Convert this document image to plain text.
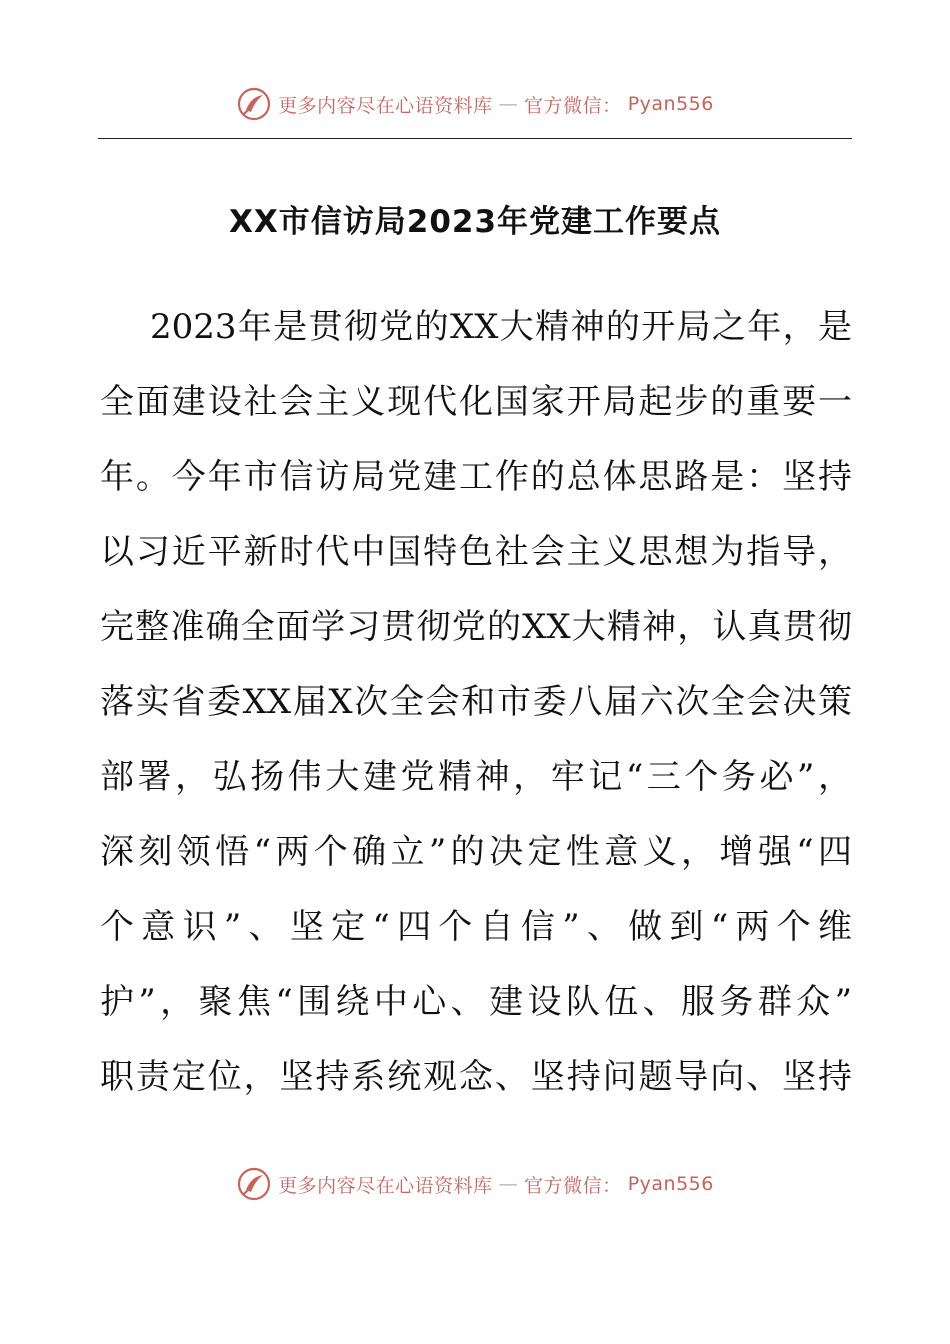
更多内容尽在心语资料库 — 官方微信： Pyan556
XX市信访局2023年党建工作要点
2023年是贯彻党的XX大精神的开局之年，是
全面建设社会主义现代化国家开局起步的重要一
年。今年市信访局党建工作的总体思路是：坚持
以习近平新时代中国特色社会主义思想为指导，
完整准确全面学习贯彻党的XX大精神，认真贯彻
落实省委XX届X次全会和市委八届六次全会决策
部署，弘扬伟大建党精神，牢记“三个务必”，
深刻领悟“两个确立”的决定性意义，增强“四
个意识”、坚定“四个自信”、做到“两个维
护”，聚焦“围绕中心、建设队伍、服务群众”
职责定位，坚持系统观念、坚持问题导向、坚持
更多内容尽在心语资料库 — 官方微信： Pyan556
